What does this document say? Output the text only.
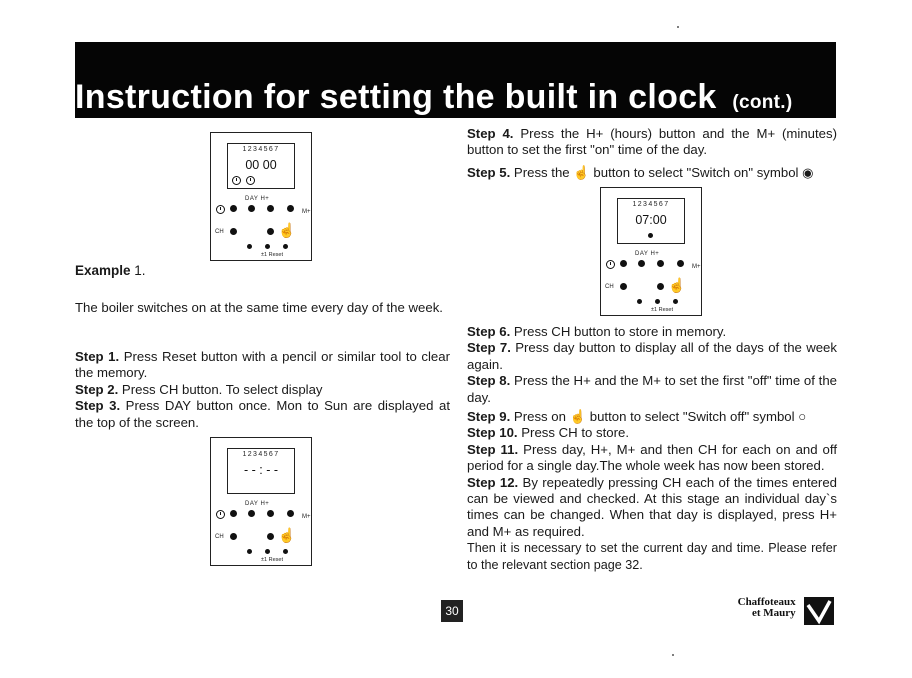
Instruction for setting the built in clock (cont.)
1234567
00 00
DAY H+
M+
CH	☝
±1 Reset
1234567
- - : - -
DAY H+
M+
CH	☝
±1 Reset
1234567
07:00
DAY H+
M+
CH	☝
±1 Reset
Example 1.

The boiler switches on at the same time every day of the week.

Step 1. Press Reset button with a pencil or similar tool to clear the memory.

Step 2. Press CH button. To select display

Step 3. Press DAY button once. Mon to Sun are displayed at the top of the screen.

Step 4. Press the H+ (hours) button and the M+ (minutes) button to set the first "on" time of the day.

Step 5. Press the ☝ button to select "Switch on" symbol ◉

Step 6. Press CH button to store in memory.

Step 7. Press day button to display all of the days of the week again.

Step 8. Press the H+ and the M+ to set the first "off" time of the day.

Step 9. Press on ☝ button to select "Switch off" symbol ○

Step 10. Press CH to store.

Step 11. Press day, H+, M+ and then CH for each on and off period for a single day.The whole week has now been stored.

Step 12. By repeatedly pressing CH each of the times entered can be viewed and checked. At this stage an individual day`s times can be changed. When that day is displayed, press H+ and M+ as required.

Then it is necessary to set the current day and time. Please refer to the relevant section page 32.

30
Chaffoteaux
et Maury
